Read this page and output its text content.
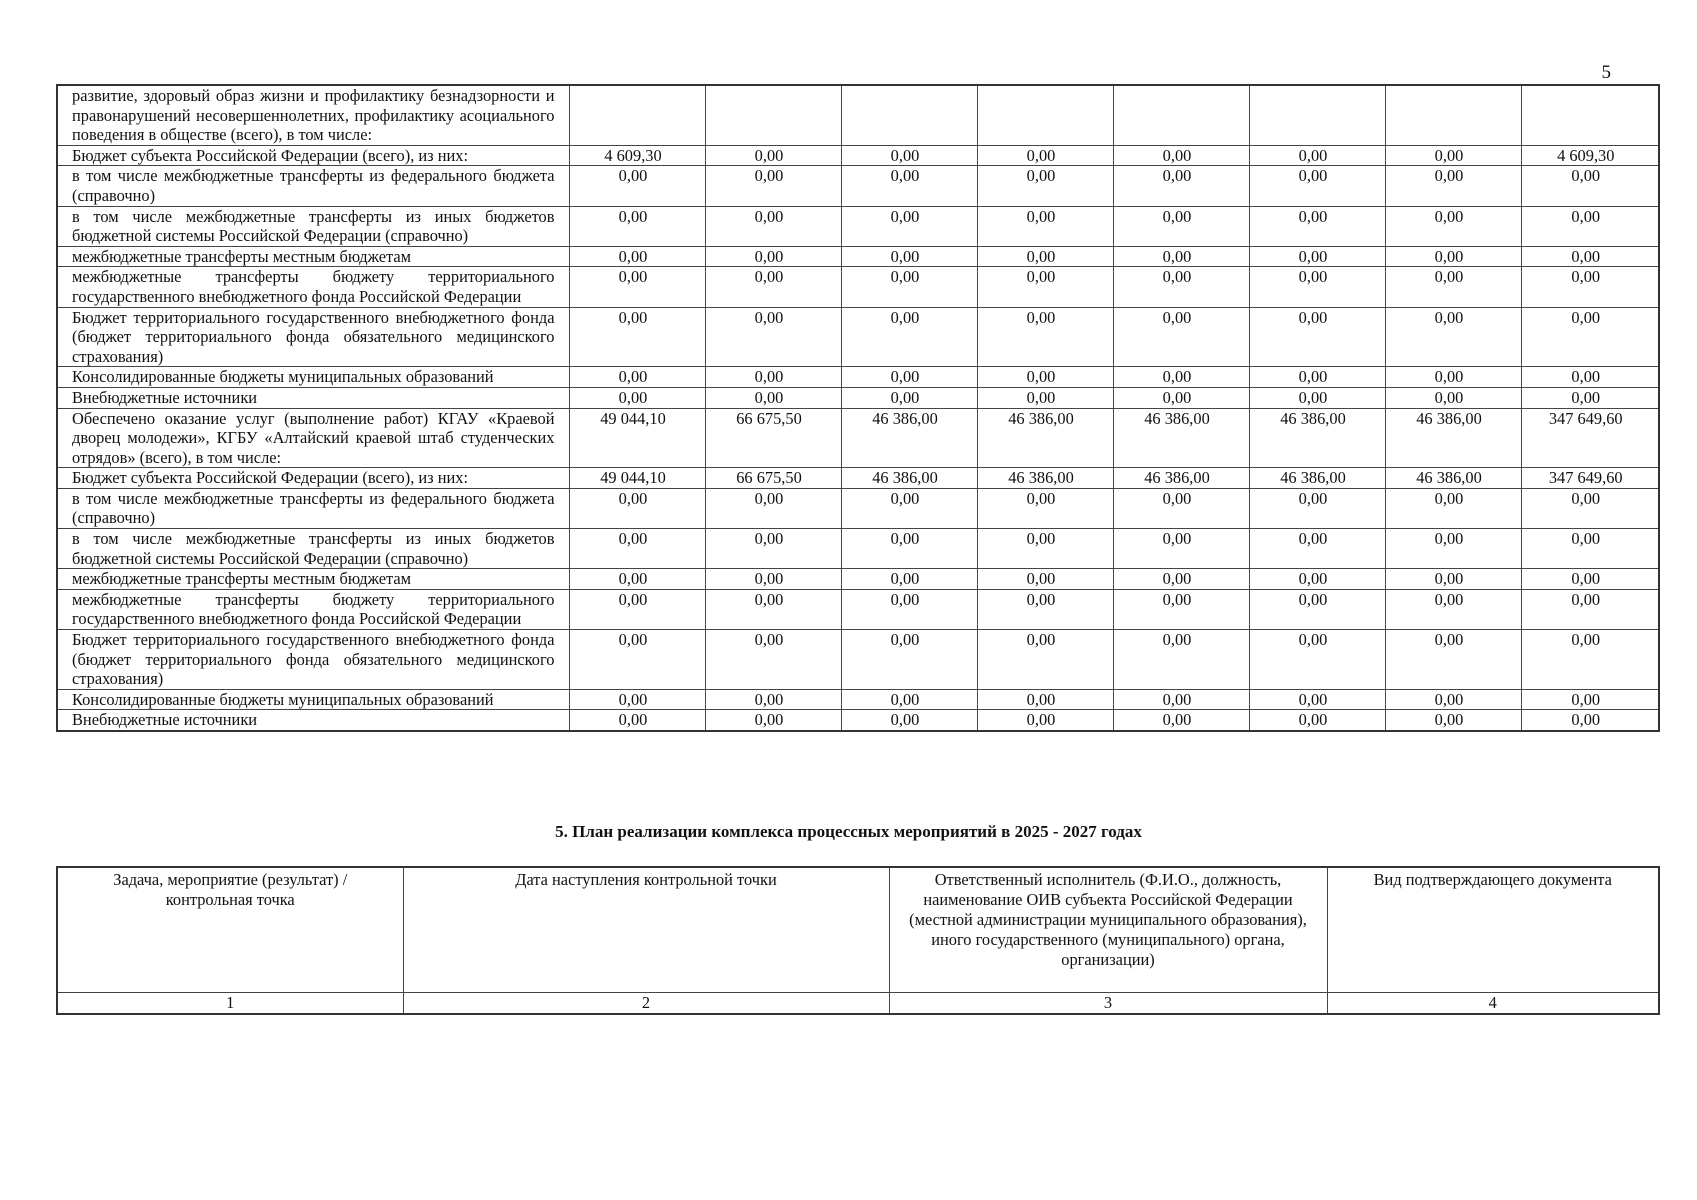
5
развитие, здоровый образ жизни и профилактику безнадзорности и правонарушений несовершеннолетних, профилактику асоциального поведения в обществе (всего), в том числе:								
Бюджет субъекта Российской Федерации (всего), из них:	4 609,30	0,00	0,00	0,00	0,00	0,00	0,00	4 609,30
в том числе межбюджетные трансферты из федерального бюджета (справочно)	0,00	0,00	0,00	0,00	0,00	0,00	0,00	0,00
в том числе межбюджетные трансферты из иных бюджетов бюджетной системы Российской Федерации (справочно)	0,00	0,00	0,00	0,00	0,00	0,00	0,00	0,00
межбюджетные трансферты местным бюджетам	0,00	0,00	0,00	0,00	0,00	0,00	0,00	0,00
межбюджетные трансферты бюджету территориального государственного внебюджетного фонда Российской Федерации	0,00	0,00	0,00	0,00	0,00	0,00	0,00	0,00
Бюджет территориального государственного внебюджетного фонда (бюджет территориального фонда обязательного медицинского страхования)	0,00	0,00	0,00	0,00	0,00	0,00	0,00	0,00
Консолидированные бюджеты муниципальных образований	0,00	0,00	0,00	0,00	0,00	0,00	0,00	0,00
Внебюджетные источники	0,00	0,00	0,00	0,00	0,00	0,00	0,00	0,00
Обеспечено оказание услуг (выполнение работ) КГАУ «Краевой дворец молодежи», КГБУ «Алтайский краевой штаб студенческих отрядов» (всего), в том числе:	49 044,10	66 675,50	46 386,00	46 386,00	46 386,00	46 386,00	46 386,00	347 649,60
Бюджет субъекта Российской Федерации (всего), из них:	49 044,10	66 675,50	46 386,00	46 386,00	46 386,00	46 386,00	46 386,00	347 649,60
в том числе межбюджетные трансферты из федерального бюджета (справочно)	0,00	0,00	0,00	0,00	0,00	0,00	0,00	0,00
в том числе межбюджетные трансферты из иных бюджетов бюджетной системы Российской Федерации (справочно)	0,00	0,00	0,00	0,00	0,00	0,00	0,00	0,00
межбюджетные трансферты местным бюджетам	0,00	0,00	0,00	0,00	0,00	0,00	0,00	0,00
межбюджетные трансферты бюджету территориального государственного внебюджетного фонда Российской Федерации	0,00	0,00	0,00	0,00	0,00	0,00	0,00	0,00
Бюджет территориального государственного внебюджетного фонда (бюджет территориального фонда обязательного медицинского страхования)	0,00	0,00	0,00	0,00	0,00	0,00	0,00	0,00
Консолидированные бюджеты муниципальных образований	0,00	0,00	0,00	0,00	0,00	0,00	0,00	0,00
Внебюджетные источники	0,00	0,00	0,00	0,00	0,00	0,00	0,00	0,00
5. План реализации комплекса процессных мероприятий в 2025 - 2027 годах
Задача, мероприятие (результат) / контрольная точка	Дата наступления контрольной точки	Ответственный исполнитель (Ф.И.О., должность, наименование ОИВ субъекта Российской Федерации (местной администрации муниципального образования), иного государственного (муниципального) органа, организации)	Вид подтверждающего документа
1	2	3	4
